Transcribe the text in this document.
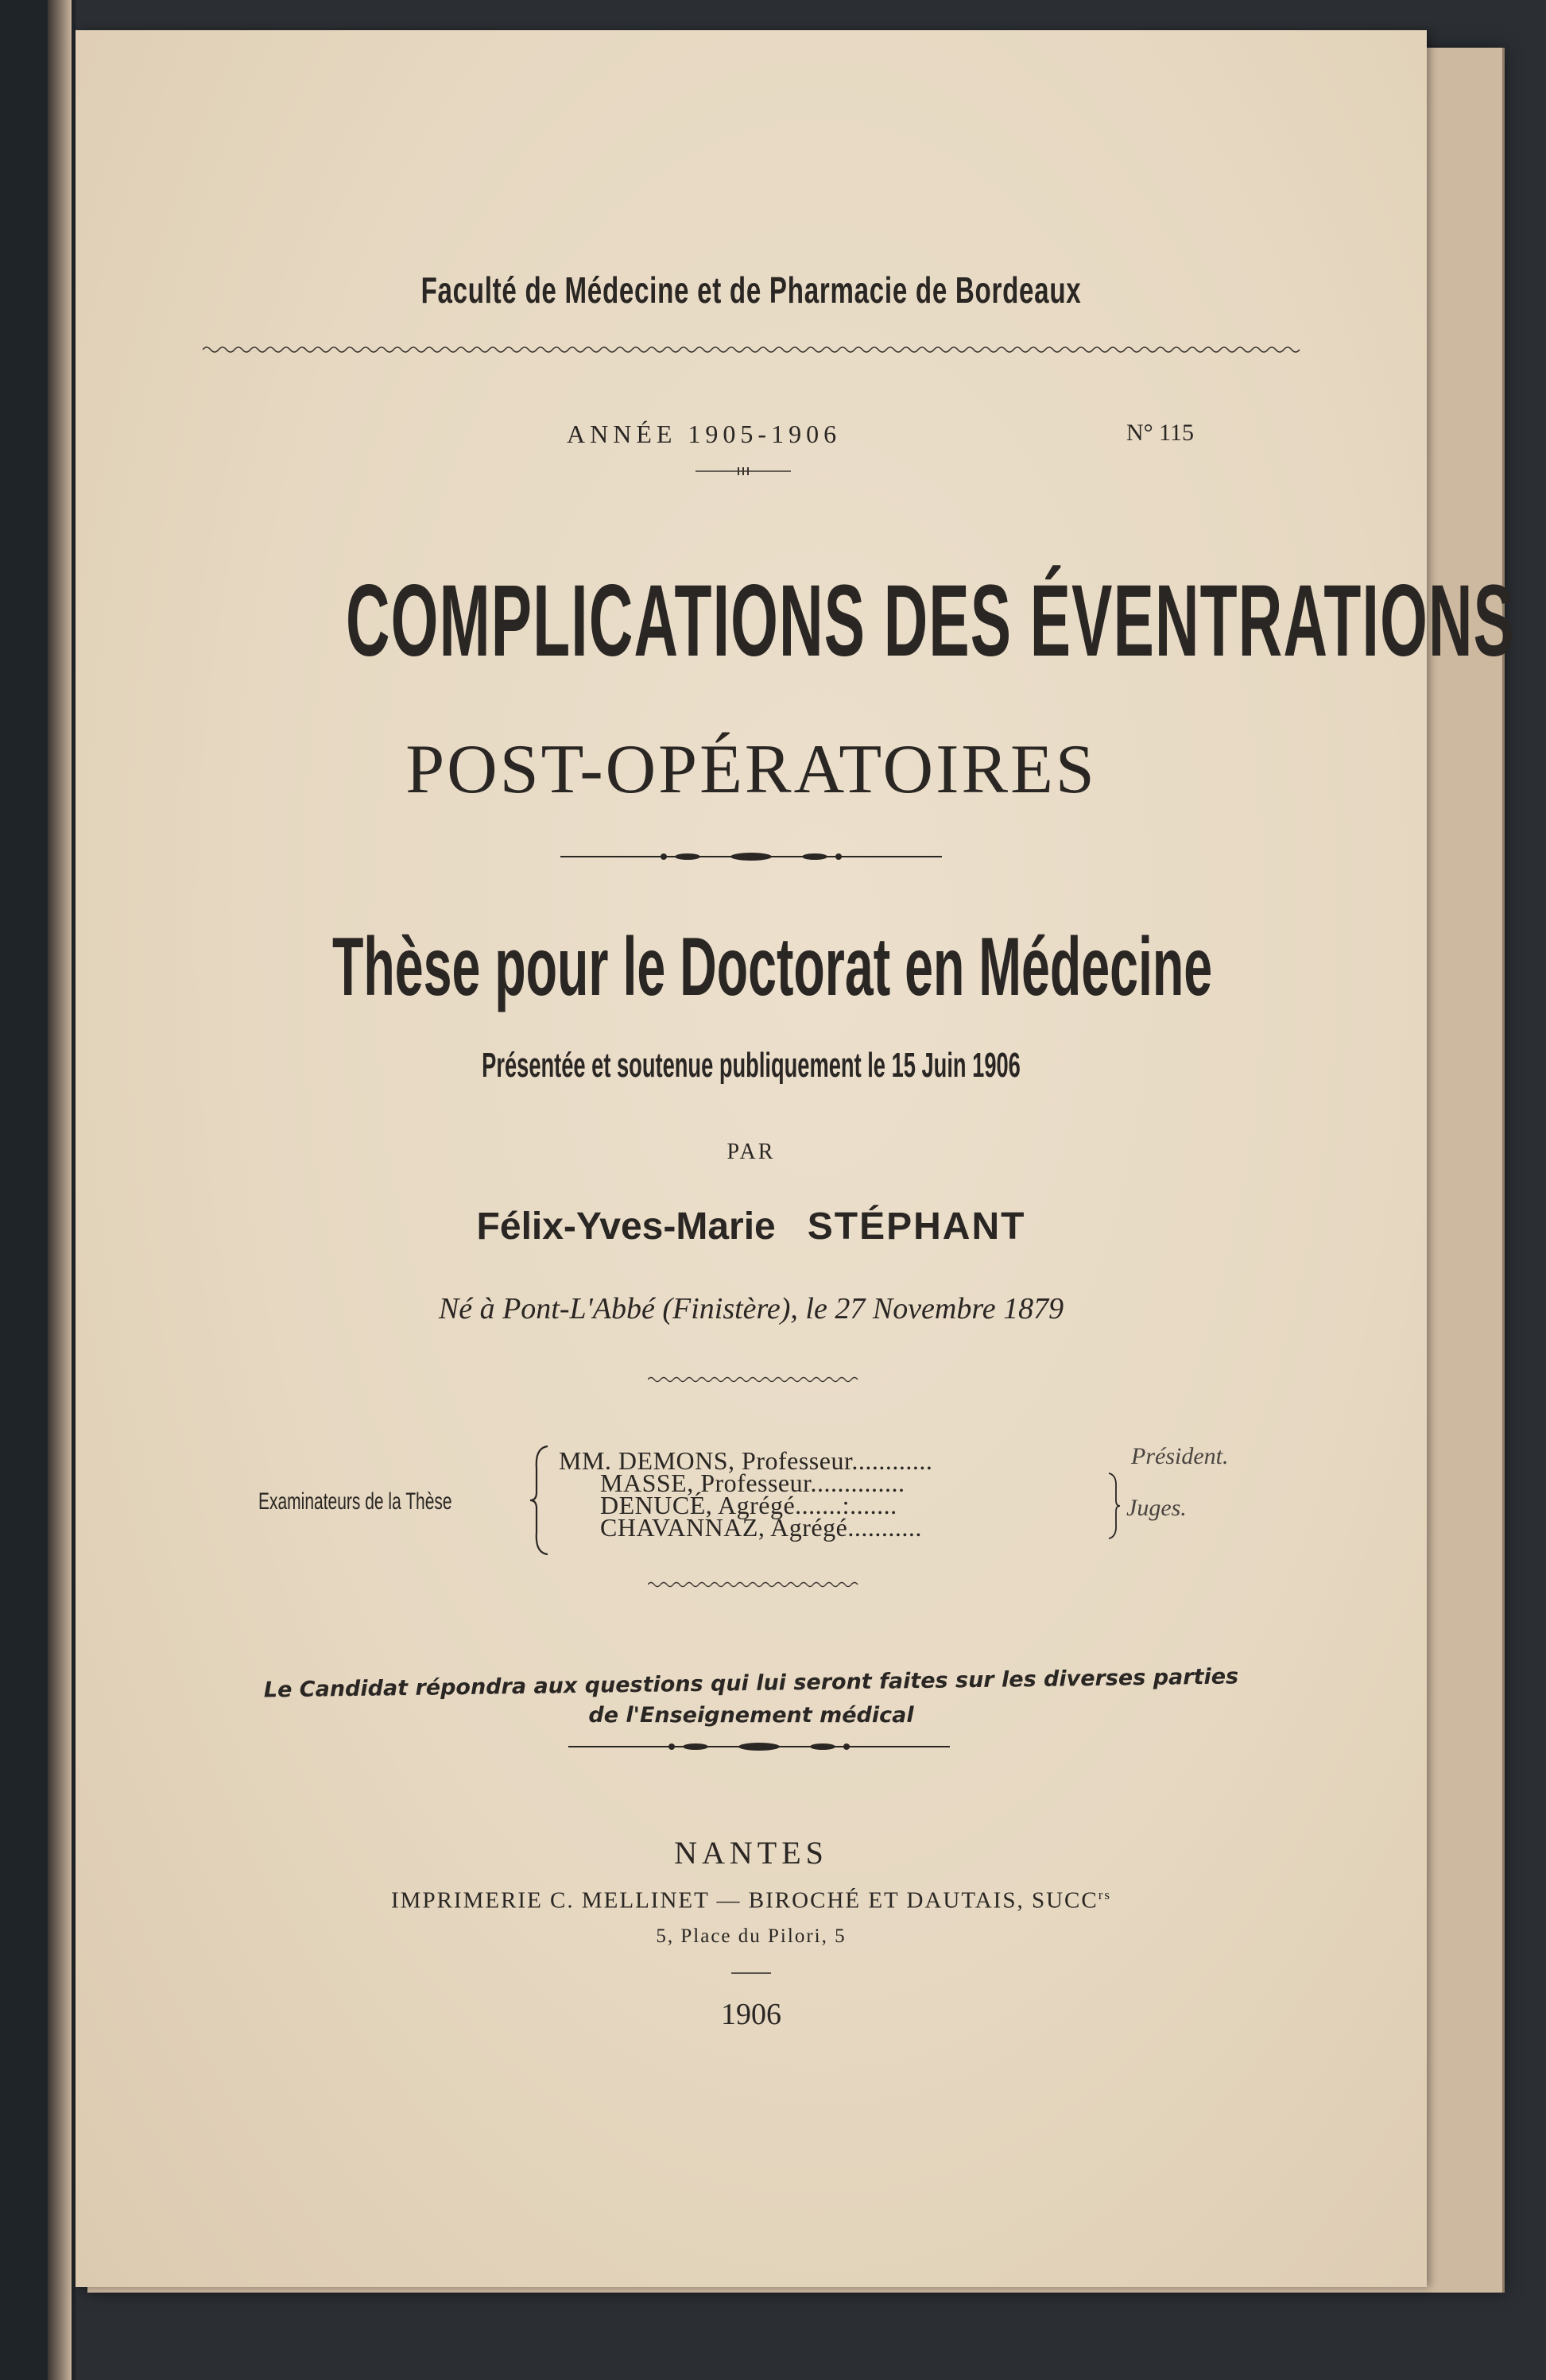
Faculté de Médecine et de Pharmacie de Bordeaux
ANNÉE 1905-1906	N° 115
COMPLICATIONS DES ÉVENTRATIONS
POST-OPÉRATOIRES
Thèse pour le Doctorat en Médecine
Présentée et soutenue publiquement le 15 Juin 1906
PAR
Félix-Yves-Marie STÉPHANT
Né à Pont-L'Abbé (Finistère), le 27 Novembre 1879
Examinateurs de la Thèse
MM. DEMONS, Professeur............
MASSE, Professeur..............
DENUCÉ, Agrégé.......:.......
CHAVANNAZ, Agrégé...........
Président.
Juges.
Le Candidat répondra aux questions qui lui seront faites sur les diverses parties
de l'Enseignement médical
NANTES
IMPRIMERIE C. MELLINET — BIROCHÉ ET DAUTAIS, $SUCC^{rs}$
5, Place du Pilori, 5
1906
